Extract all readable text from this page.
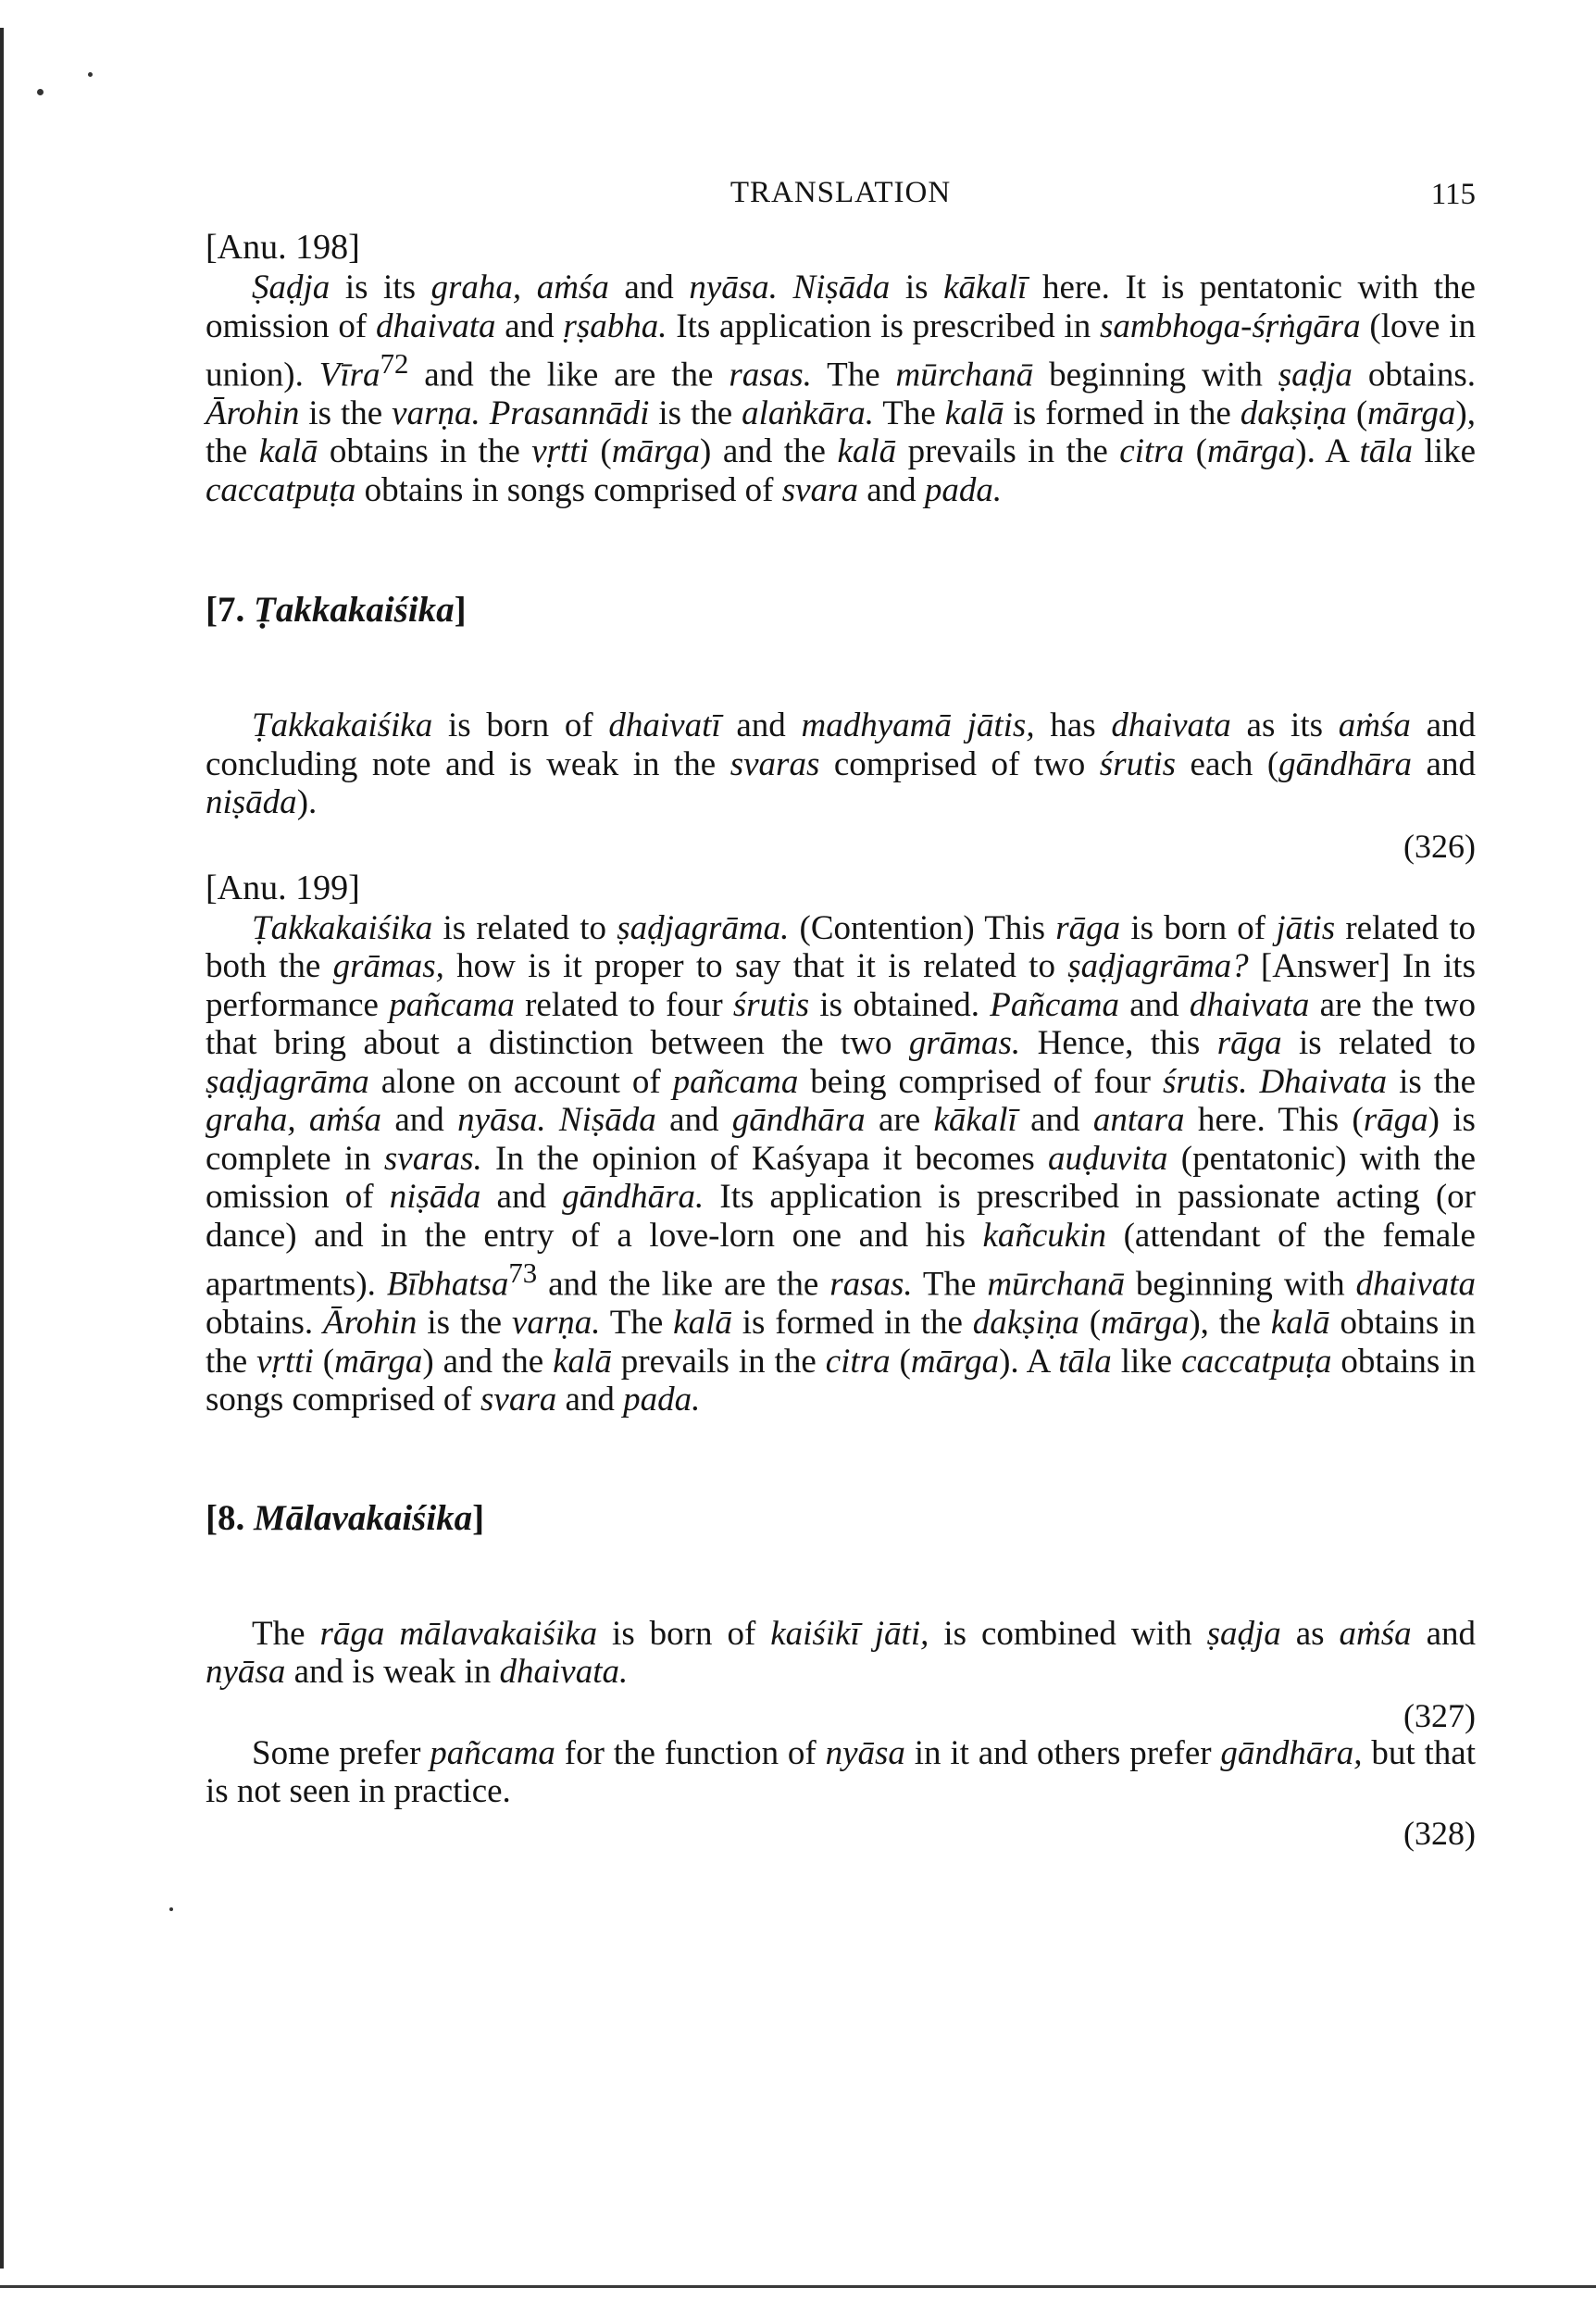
TRANSLATION	115

[Anu. 198]

Ṣaḍja is its graha, aṁśa and nyāsa. Niṣāda is kākalī here. It is pentatonic with the omission of dhaivata and ṛṣabha. Its application is prescribed in sambhoga-śṛṅgāra (love in union). Vīra$^{72}$ and the like are the rasas. The mūrchanā beginning with ṣaḍja obtains. Ārohin is the varṇa. Prasannādi is the alaṅkāra. The kalā is formed in the dakṣiṇa (mārga), the kalā obtains in the vṛtti (mārga) and the kalā prevails in the citra (mārga). A tāla like caccatpuṭa obtains in songs comprised of svara and pada.

[7. Ṭakkakaiśika]

Ṭakkakaiśika is born of dhaivatī and madhyamā jātis, has dhaivata as its aṁśa and concluding note and is weak in the svaras comprised of two śrutis each (gāndhāra and niṣāda).

(326)

[Anu. 199]

Ṭakkakaiśika is related to ṣaḍjagrāma. (Contention) This rāga is born of jātis related to both the grāmas, how is it proper to say that it is related to ṣaḍjagrāma? [Answer] In its performance pañcama related to four śrutis is obtained. Pañcama and dhaivata are the two that bring about a distinction between the two grāmas. Hence, this rāga is related to ṣaḍjagrāma alone on account of pañcama being comprised of four śrutis. Dhaivata is the graha, aṁśa and nyāsa. Niṣāda and gāndhāra are kākalī and antara here. This (rāga) is complete in svaras. In the opinion of Kaśyapa it becomes auḍuvita (pentatonic) with the omission of niṣāda and gāndhāra. Its application is prescribed in passionate acting (or dance) and in the entry of a love-lorn one and his kañcukin (attendant of the female apartments). Bībhatsa$^{73}$ and the like are the rasas. The mūrchanā beginning with dhaivata obtains. Ārohin is the varṇa. The kalā is formed in the dakṣiṇa (mārga), the kalā obtains in the vṛtti (mārga) and the kalā prevails in the citra (mārga). A tāla like caccatpuṭa obtains in songs comprised of svara and pada.

[8. Mālavakaiśika]

The rāga mālavakaiśika is born of kaiśikī jāti, is combined with ṣaḍja as aṁśa and nyāsa and is weak in dhaivata.

(327)

Some prefer pañcama for the function of nyāsa in it and others prefer gāndhāra, but that is not seen in practice.

(328)
